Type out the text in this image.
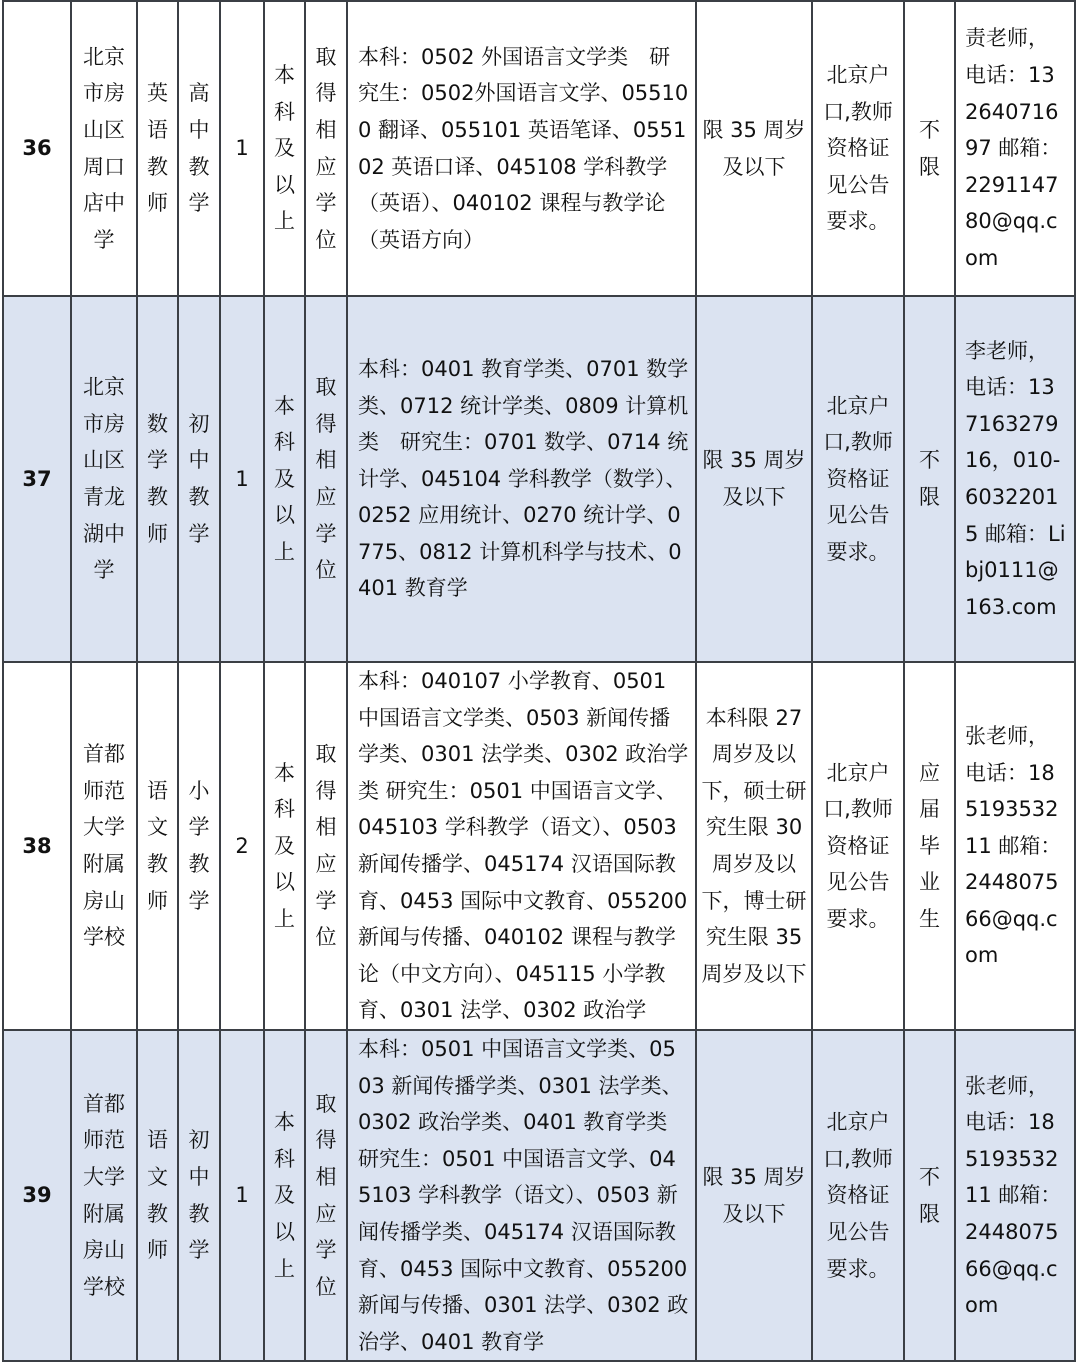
36	北京市房山区周口店中学	英语教师	高中教学	1	本科及以上	取得相应学位	本科：0502 外国语言文学类　研究生：0502外国语言文学、055100 翻译、055101 英语笔译、055102 英语口译、045108 学科教学（英语）、040102 课程与教学论（英语方向）	限 35 周岁及以下	北京户口,教师资格证见公告要求。	不限	责老师，电话：13264071697 邮箱：229114780@qq.com
37	北京市房山区青龙湖中学	数学教师	初中教学	1	本科及以上	取得相应学位	本科：0401 教育学类、0701 数学类、0712 统计学类、0809 计算机类　研究生：0701 数学、0714 统计学、045104 学科教学（数学）、0252 应用统计、0270 统计学、0775、0812 计算机科学与技术、0401 教育学	限 35 周岁及以下	北京户口,教师资格证见公告要求。	不限	李老师，电话：13716327916，010-60322015 邮箱：Libj0111@163.com
38	首都师范大学附属房山学校	语文教师	小学教学	2	本科及以上	取得相应学位	本科：040107 小学教育、0501 中国语言文学类、0503 新闻传播学类、0301 法学类、0302 政治学类 研究生：0501 中国语言文学、045103 学科教学（语文）、0503 新闻传播学、045174 汉语国际教育、0453 国际中文教育、055200 新闻与传播、040102 课程与教学论（中文方向）、045115 小学教育、0301 法学、0302 政治学	本科限 27 周岁及以下，硕士研究生限 30 周岁及以下，博士研究生限 35 周岁及以下	北京户口,教师资格证见公告要求。	应届毕业生	张老师，电话：18519353211 邮箱：244807566@qq.com
39	首都师范大学附属房山学校	语文教师	初中教学	1	本科及以上	取得相应学位	本科：0501 中国语言文学类、0503 新闻传播学类、0301 法学类、0302 政治学类、0401 教育学类 研究生：0501 中国语言文学、045103 学科教学（语文）、0503 新闻传播学类、045174 汉语国际教育、0453 国际中文教育、055200 新闻与传播、0301 法学、0302 政治学、0401 教育学	限 35 周岁及以下	北京户口,教师资格证见公告要求。	不限	张老师，电话：18519353211 邮箱：244807566@qq.com
